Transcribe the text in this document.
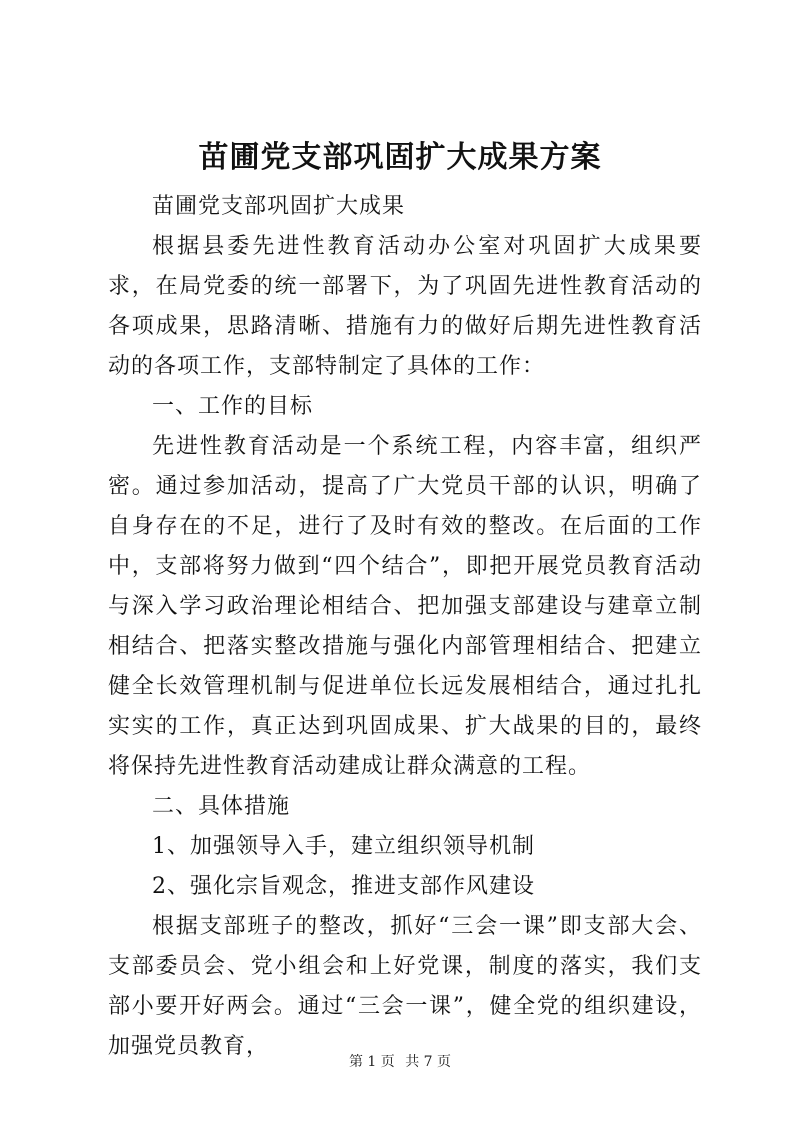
苗圃党支部巩固扩大成果方案

苗圃党支部巩固扩大成果

根据县委先进性教育活动办公室对巩固扩大成果要求，在局党委的统一部署下，为了巩固先进性教育活动的各项成果，思路清晰、措施有力的做好后期先进性教育活动的各项工作，支部特制定了具体的工作：

一、工作的目标

先进性教育活动是一个系统工程，内容丰富，组织严密。通过参加活动，提高了广大党员干部的认识，明确了自身存在的不足，进行了及时有效的整改。在后面的工作中，支部将努力做到“四个结合”，即把开展党员教育活动与深入学习政治理论相结合、把加强支部建设与建章立制相结合、把落实整改措施与强化内部管理相结合、把建立健全长效管理机制与促进单位长远发展相结合，通过扎扎实实的工作，真正达到巩固成果、扩大战果的目的，最终将保持先进性教育活动建成让群众满意的工程。

二、具体措施

1、加强领导入手，建立组织领导机制

2、强化宗旨观念，推进支部作风建设

根据支部班子的整改，抓好“三会一课”即支部大会、支部委员会、党小组会和上好党课，制度的落实，我们支部小要开好两会。通过“三会一课”，健全党的组织建设，加强党员教育，

第 1 页 共 7 页
